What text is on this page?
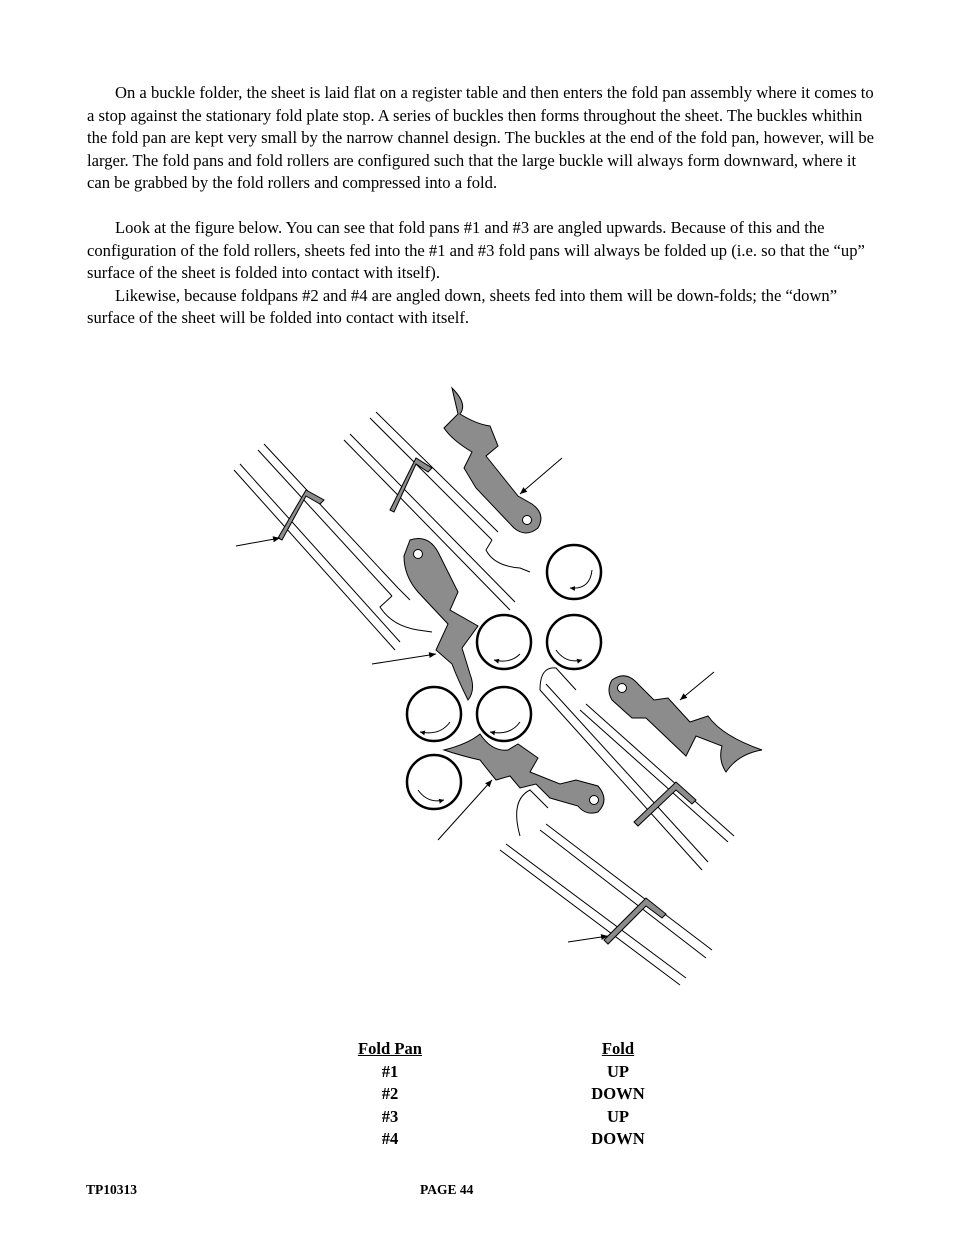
On a buckle folder, the sheet is laid flat on a register table and then enters the fold pan assembly where it comes to a stop against the stationary fold plate stop. A series of buckles then forms throughout the sheet. The buckles whithin the fold pan are kept very small by the narrow channel design. The buckles at the end of the fold pan, however, will be larger. The fold pans and fold rollers are configured such that the large buckle will always form downward, where it can be grabbed by the fold rollers and compressed into a fold.

Look at the figure below. You can see that fold pans #1 and #3 are angled upwards. Because of this and the configuration of the fold rollers, sheets fed into the #1 and #3 fold pans will always be folded up (i.e. so that the “up” surface of the sheet is folded into contact with itself).

Likewise, because foldpans #2 and #4 are angled down, sheets fed into them will be down-folds; the “down” surface of the sheet will be folded into contact with itself.

Fold Pan
#1
#2
#3
#4
Fold
UP
DOWN
UP
DOWN
TP10313	PAGE 44
